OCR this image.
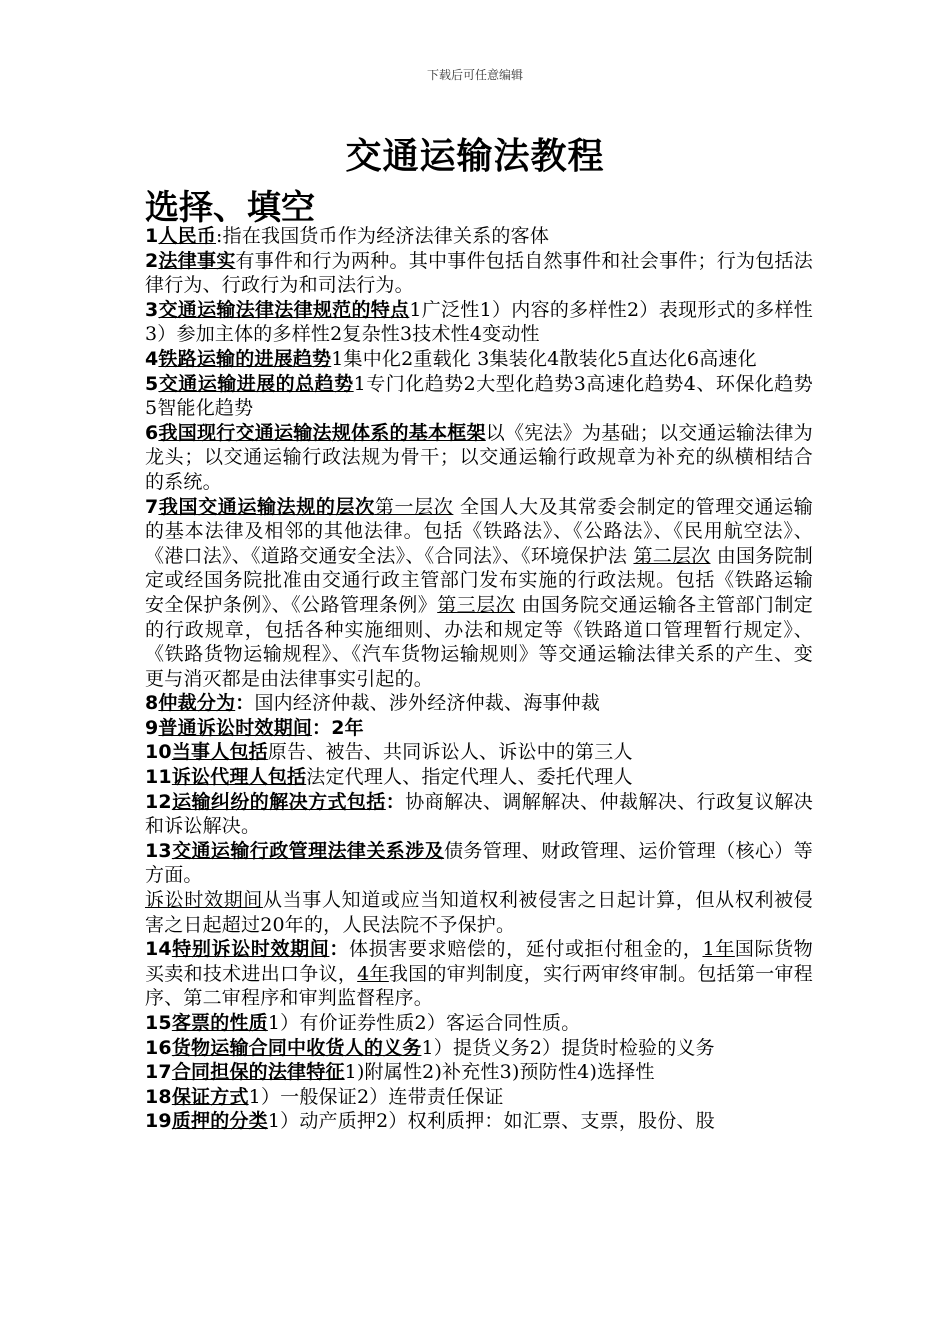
下载后可任意编辑
交通运输法教程
选择、填空

1人民币:指在我国货币作为经济法律关系的客体

2法律事实有事件和行为两种。其中事件包括自然事件和社会事件；行为包括法律行为、行政行为和司法行为。

3交通运输法律法律规范的特点1广泛性1）内容的多样性2）表现形式的多样性3）参加主体的多样性2复杂性3技术性4变动性

4铁路运输的进展趋势1集中化2重载化 3集装化4散装化5直达化6高速化

5交通运输进展的总趋势1专门化趋势2大型化趋势3高速化趋势4、环保化趋势5智能化趋势

6我国现行交通运输法规体系的基本框架以《宪法》为基础；以交通运输法律为龙头；以交通运输行政法规为骨干；以交通运输行政规章为补充的纵横相结合的系统。

7我国交通运输法规的层次第一层次 全国人大及其常委会制定的管理交通运输的基本法律及相邻的其他法律。包括《铁路法》、《公路法》、《民用航空法》、《港口法》、《道路交通安全法》、《合同法》、《环境保护法 第二层次 由国务院制定或经国务院批准由交通行政主管部门发布实施的行政法规。包括《铁路运输安全保护条例》、《公路管理条例》第三层次 由国务院交通运输各主管部门制定的行政规章，包括各种实施细则、办法和规定等《铁路道口管理暂行规定》、《铁路货物运输规程》、《汽车货物运输规则》等交通运输法律关系的产生、变更与消灭都是由法律事实引起的。

8仲裁分为：国内经济仲裁、涉外经济仲裁、海事仲裁

9普通诉讼时效期间：2年

10当事人包括原告、被告、共同诉讼人、诉讼中的第三人

11诉讼代理人包括法定代理人、指定代理人、委托代理人

12运输纠纷的解决方式包括：协商解决、调解解决、仲裁解决、行政复议解决和诉讼解决。

13交通运输行政管理法律关系涉及债务管理、财政管理、运价管理（核心）等方面。

诉讼时效期间从当事人知道或应当知道权利被侵害之日起计算，但从权利被侵害之日起超过20年的，人民法院不予保护。

14特别诉讼时效期间：体损害要求赔偿的，延付或拒付租金的，1年国际货物买卖和技术进出口争议，4年我国的审判制度，实行两审终审制。包括第一审程序、第二审程序和审判监督程序。

15客票的性质1）有价证券性质2）客运合同性质。

16货物运输合同中收货人的义务1）提货义务2）提货时检验的义务

17合同担保的法律特征1)附属性2)补充性3)预防性4)选择性

18保证方式1）一般保证2）连带责任保证

19质押的分类1）动产质押2）权利质押：如汇票、支票，股份、股
